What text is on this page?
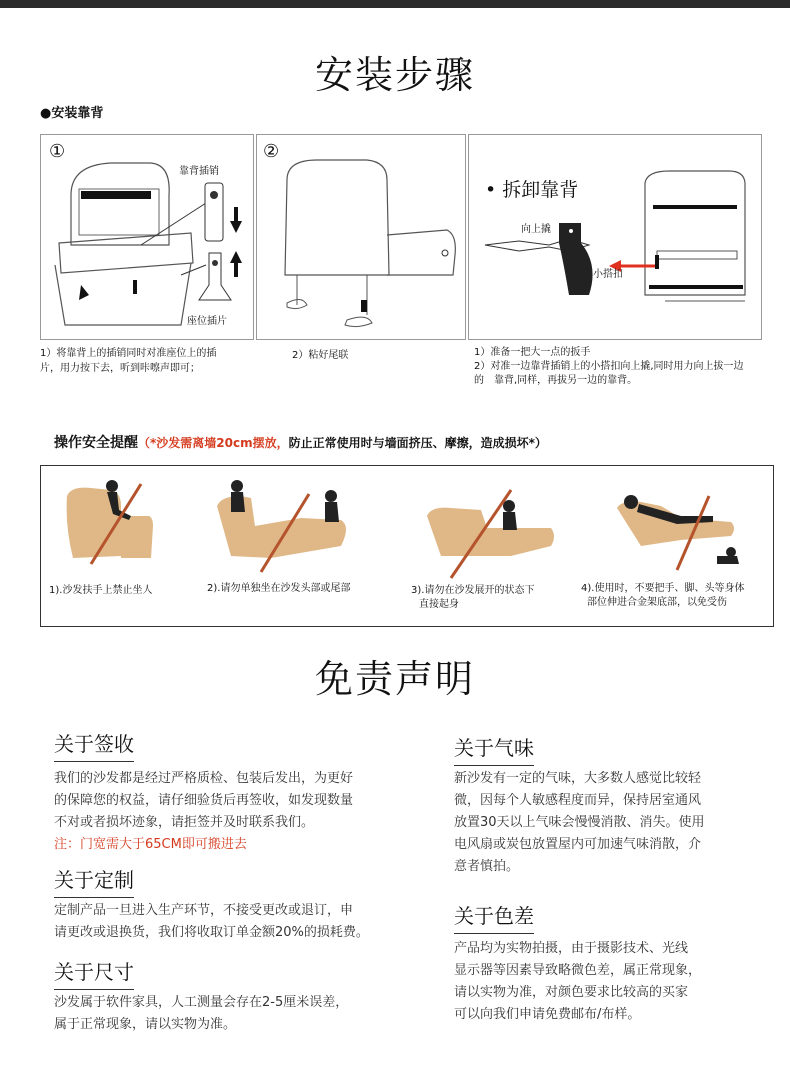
安装步骤
●安装靠背
①
靠背插销
座位插片
②
• 拆卸靠背
向上撬
小搭扣
1）将靠背上的插销同时对准座位上的插
片，用力按下去，听到咔嚓声即可；
2）粘好尾联	1）准备一把大一点的扳手
2）对准一边靠背插销上的小搭扣向上撬,同时用力向上拔一边
的　靠背,同样，再拔另一边的靠背。
操作安全提醒（*沙发需离墙20cm摆放，防止正常使用时与墙面挤压、摩擦，造成损坏*）
1).沙发扶手上禁止坐人	2).请勿单独坐在沙发头部或尾部	3).请勿在沙发展开的状态下
直接起身
4).使用时，不要把手、脚、头等身体
部位伸进合金架底部，以免受伤
免责声明
关于签收
我们的沙发都是经过严格质检、包装后发出，为更好
的保障您的权益，请仔细验货后再签收，如发现数量
不对或者损坏迹象，请拒签并及时联系我们。
注：门宽需大于65CM即可搬进去
关于定制
定制产品一旦进入生产环节，不接受更改或退订，申
请更改或退换货，我们将收取订单金额20%的损耗费。
关于尺寸
沙发属于软件家具，人工测量会存在2-5厘米误差，
属于正常现象，请以实物为准。
关于气味
新沙发有一定的气味，大多数人感觉比较轻
微，因每个人敏感程度而异，保持居室通风
放置30天以上气味会慢慢消散、消失。使用
电风扇或炭包放置屋内可加速气味消散，介
意者慎拍。
关于色差
产品均为实物拍摄，由于摄影技术、光线
显示器等因素导致略微色差，属正常现象，
请以实物为准，对颜色要求比较高的买家
可以向我们申请免费邮布/布样。
